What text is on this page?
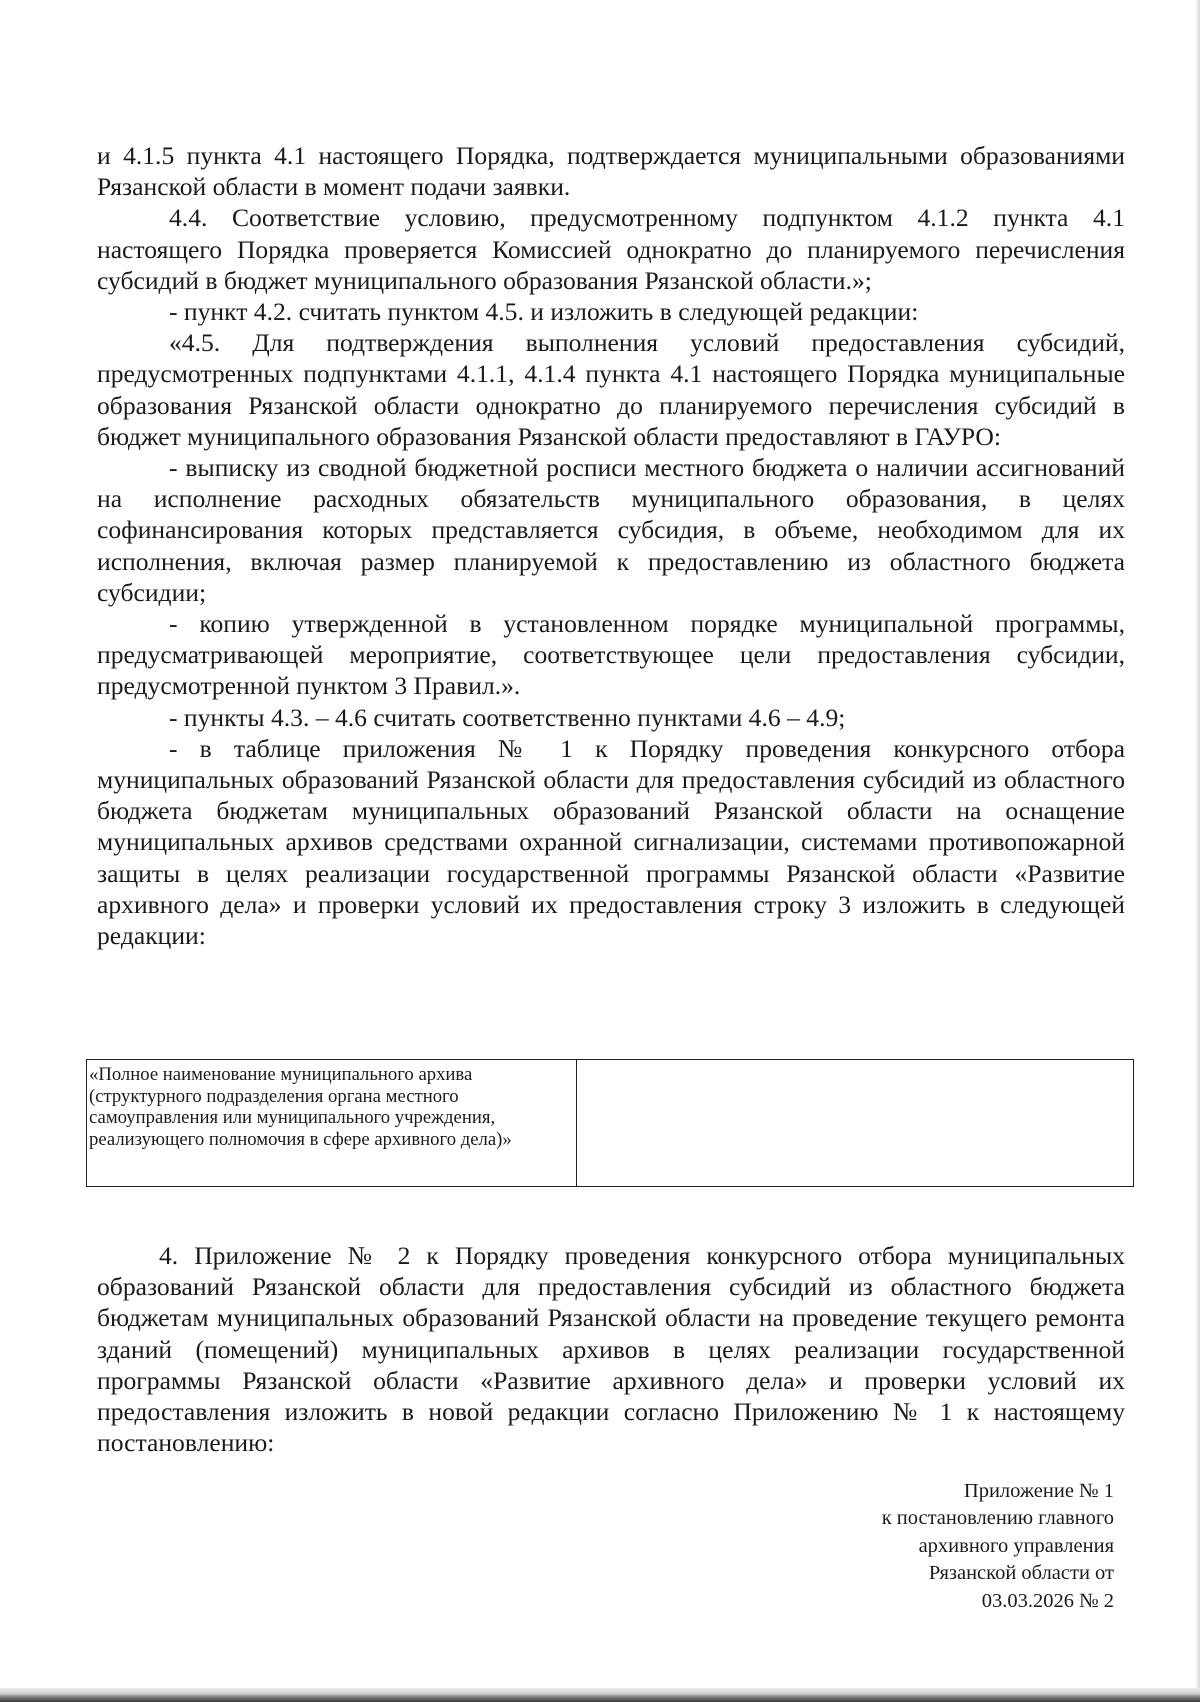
и 4.1.5 пункта 4.1 настоящего Порядка, подтверждается муниципальными образованиями Рязанской области в момент подачи заявки.

4.4. Соответствие условию, предусмотренному подпунктом 4.1.2 пункта 4.1 настоящего Порядка проверяется Комиссией однократно до планируемого перечисления субсидий в бюджет муниципального образования Рязанской области.»;

- пункт 4.2. считать пунктом 4.5. и изложить в следующей редакции:

«4.5. Для подтверждения выполнения условий предоставления субсидий, предусмотренных подпунктами 4.1.1, 4.1.4 пункта 4.1 настоящего Порядка муниципальные образования Рязанской области однократно до планируемого перечисления субсидий в бюджет муниципального образования Рязанской области предоставляют в ГАУРО:

- выписку из сводной бюджетной росписи местного бюджета о наличии ассигнований на исполнение расходных обязательств муниципального образования, в целях софинансирования которых представляется субсидия, в объеме, необходимом для их исполнения, включая размер планируемой к предоставлению из областного бюджета субсидии;

- копию утвержденной в установленном порядке муниципальной программы, предусматривающей мероприятие, соответствующее цели предоставления субсидии, предусмотренной пунктом 3 Правил.».

- пункты 4.3. – 4.6 считать соответственно пунктами 4.6 – 4.9;

- в таблице приложения № 1 к Порядку проведения конкурсного отбора муниципальных образований Рязанской области для предоставления субсидий из областного бюджета бюджетам муниципальных образований Рязанской области на оснащение муниципальных архивов средствами охранной сигнализации, системами противопожарной защиты в целях реализации государственной программы Рязанской области «Развитие архивного дела» и проверки условий их предоставления строку 3 изложить в следующей редакции:

«Полное наименование муниципального архива (структурного подразделения органа местного самоуправления или муниципального учреждения, реализующего полномочия в сфере архивного дела)»

4. Приложение № 2 к Порядку проведения конкурсного отбора муниципальных образований Рязанской области для предоставления субсидий из областного бюджета бюджетам муниципальных образований Рязанской области на проведение текущего ремонта зданий (помещений) муниципальных архивов в целях реализации государственной программы Рязанской области «Развитие архивного дела» и проверки условий их предоставления изложить в новой редакции согласно Приложению № 1 к настоящему постановлению:

Приложение № 1
к постановлению главного
архивного управления
Рязанской области от
03.03.2026 № 2
